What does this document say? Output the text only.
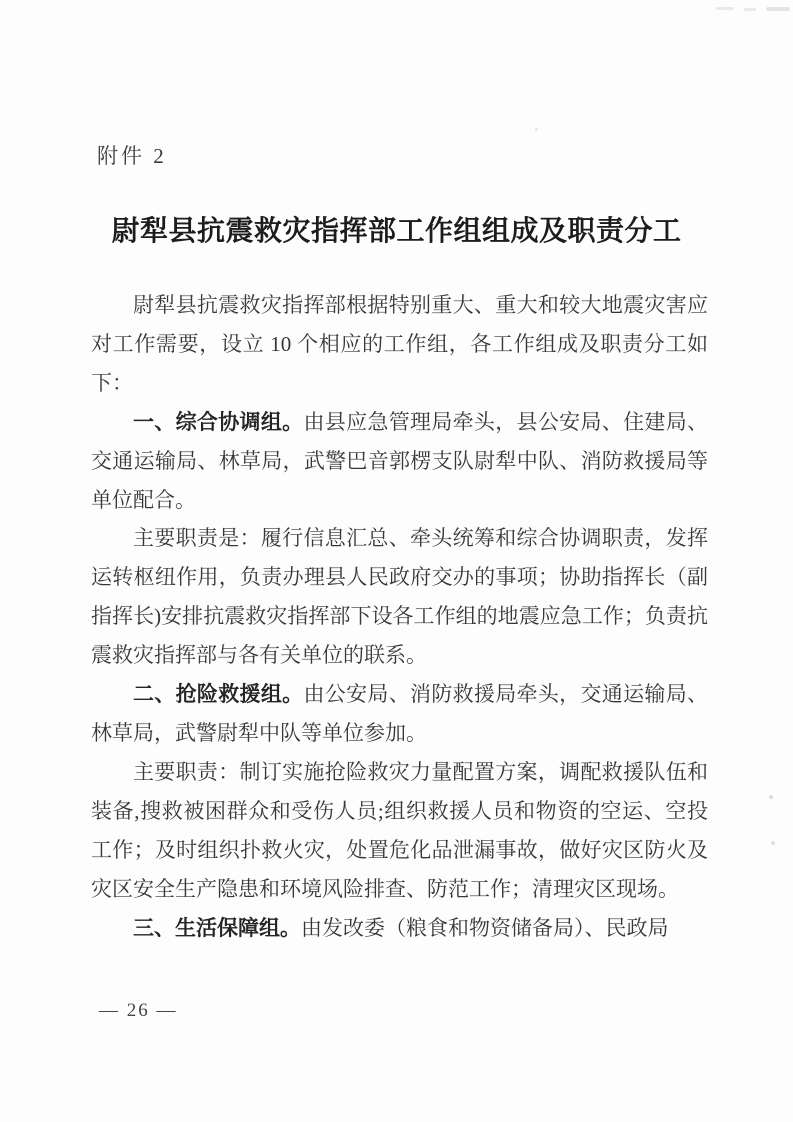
附件 2
尉犁县抗震救灾指挥部工作组组成及职责分工

尉犁县抗震救灾指挥部根据特别重大、重大和较大地震灾害应对工作需要，设立 10 个相应的工作组，各工作组成及职责分工如下：

一、综合协调组。由县应急管理局牵头，县公安局、住建局、交通运输局、林草局，武警巴音郭楞支队尉犁中队、消防救援局等单位配合。

主要职责是：履行信息汇总、牵头统筹和综合协调职责，发挥运转枢纽作用，负责办理县人民政府交办的事项；协助指挥长（副指挥长)安排抗震救灾指挥部下设各工作组的地震应急工作；负责抗震救灾指挥部与各有关单位的联系。

二、抢险救援组。由公安局、消防救援局牵头，交通运输局、林草局，武警尉犁中队等单位参加。

主要职责：制订实施抢险救灾力量配置方案，调配救援队伍和装备,搜救被困群众和受伤人员;组织救援人员和物资的空运、空投工作；及时组织扑救火灾，处置危化品泄漏事故，做好灾区防火及灾区安全生产隐患和环境风险排查、防范工作；清理灾区现场。

三、生活保障组。由发改委（粮食和物资储备局）、民政局

— 26 —
